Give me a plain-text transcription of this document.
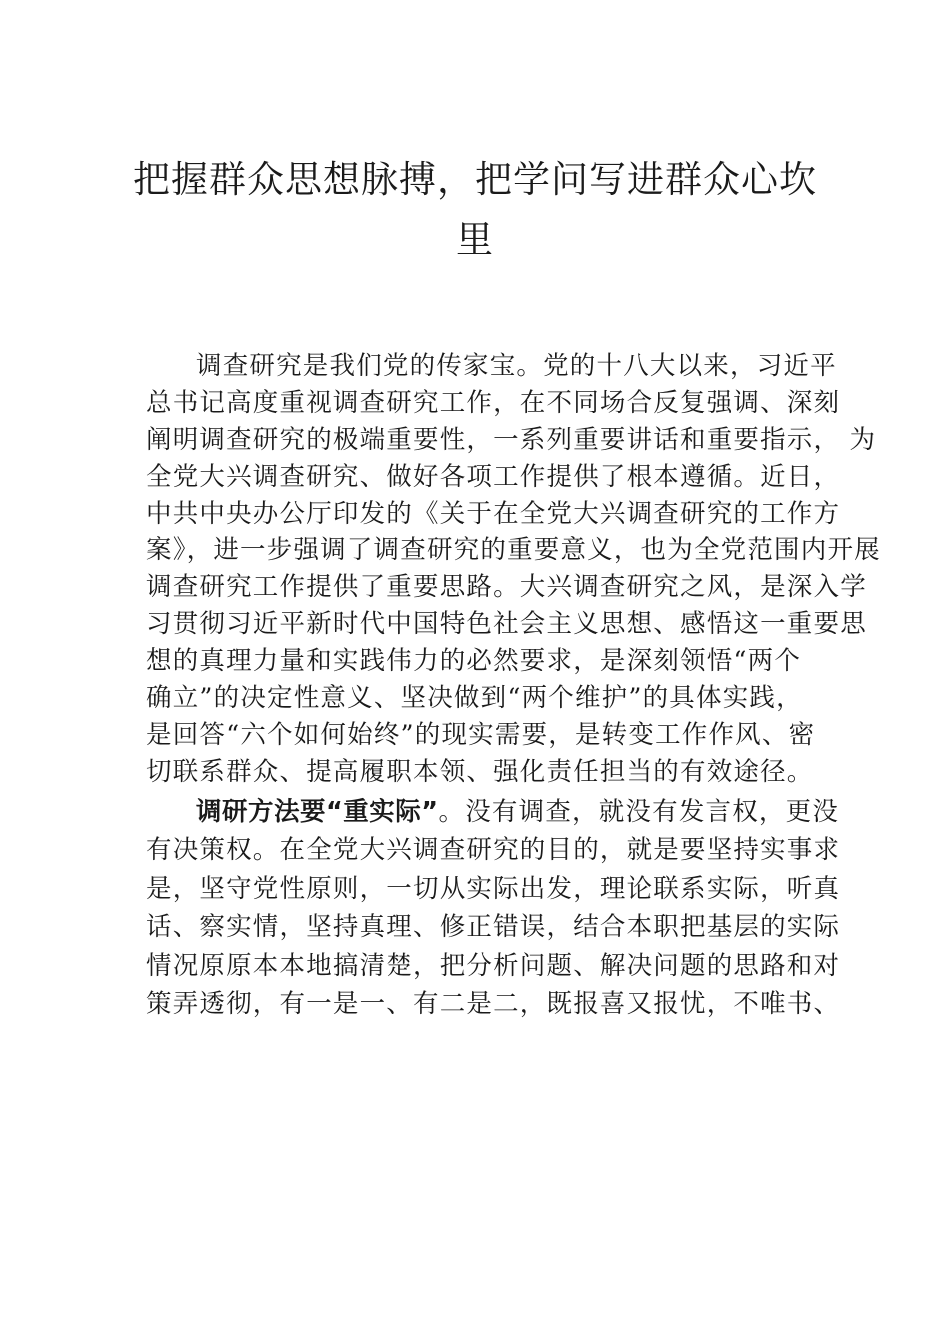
把握群众思想脉搏，把学问写进群众心坎
里
调查研究是我们党的传家宝。党的十八大以来，习近平
总书记高度重视调查研究工作，在不同场合反复强调、深刻
阐明调查研究的极端重要性，一系列重要讲话和重要指示， 为
全党大兴调查研究、做好各项工作提供了根本遵循。近日，
中共中央办公厅印发的《关于在全党大兴调查研究的工作方
案》，进一步强调了调查研究的重要意义，也为全党范围内开展
调查研究工作提供了重要思路。大兴调查研究之风，是深入学
习贯彻习近平新时代中国特色社会主义思想、感悟这一重要思
想的真理力量和实践伟力的必然要求，是深刻领悟“两个
确立”的决定性意义、坚决做到“两个维护”的具体实践，
是回答“六个如何始终”的现实需要，是转变工作作风、密
切联系群众、提高履职本领、强化责任担当的有效途径。
调研方法要“重实际”。没有调查，就没有发言权，更没
有决策权。在全党大兴调查研究的目的，就是要坚持实事求
是，坚守党性原则，一切从实际出发，理论联系实际，听真
话、察实情，坚持真理、修正错误，结合本职把基层的实际
情况原原本本地搞清楚，把分析问题、解决问题的思路和对
策弄透彻，有一是一、有二是二，既报喜又报忧，不唯书、
